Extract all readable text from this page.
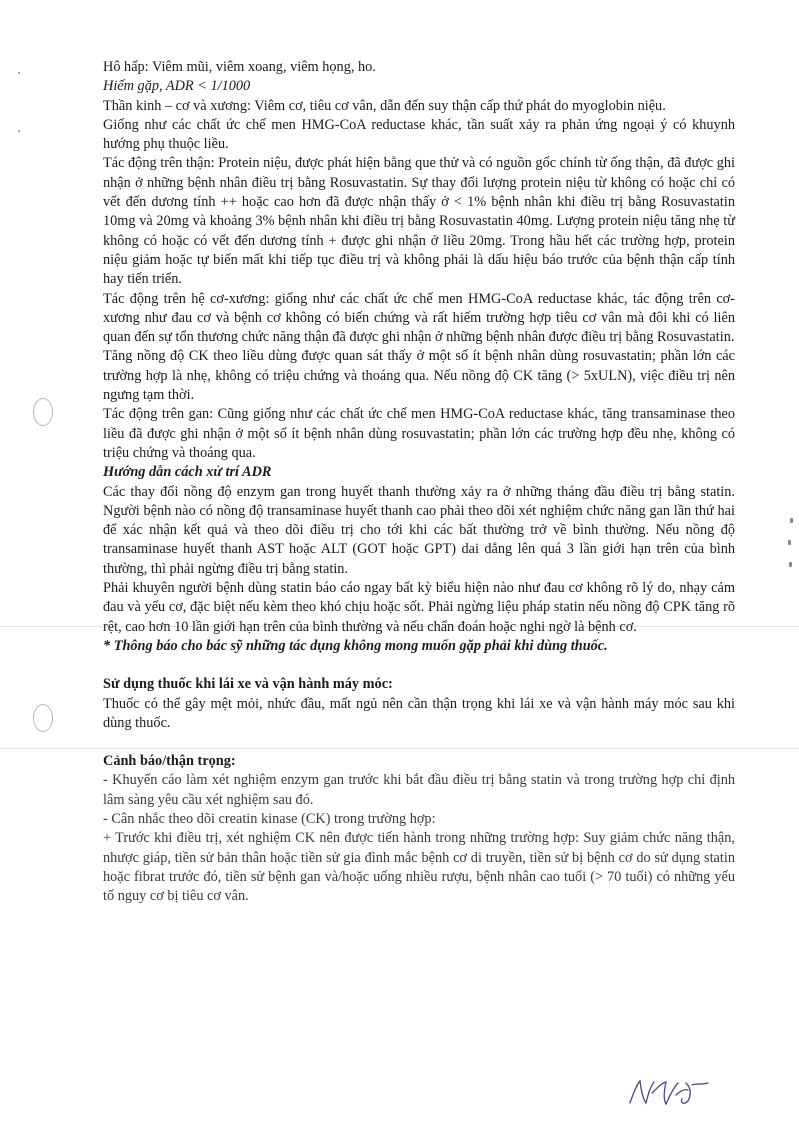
Hô hấp: Viêm mũi, viêm xoang, viêm họng, ho.

Hiếm gặp, ADR < 1/1000

Thần kinh – cơ và xương: Viêm cơ, tiêu cơ vân, dẫn đến suy thận cấp thứ phát do myoglobin niệu.

Giống như các chất ức chế men HMG-CoA reductase khác, tần suất xảy ra phản ứng ngoại ý có khuynh hướng phụ thuộc liều.

Tác động trên thận: Protein niệu, được phát hiện bằng que thử và có nguồn gốc chính từ ống thận, đã được ghi nhận ở những bệnh nhân điều trị bằng Rosuvastatin. Sự thay đổi lượng protein niệu từ không có hoặc chỉ có vết đến dương tính ++ hoặc cao hơn đã được nhận thấy ở < 1% bệnh nhân khi điều trị bằng Rosuvastatin 10mg và 20mg và khoảng 3% bệnh nhân khi điều trị bằng Rosuvastatin 40mg. Lượng protein niệu tăng nhẹ từ không có hoặc có vết đến dương tính + được ghi nhận ở liều 20mg. Trong hầu hết các trường hợp, protein niệu giảm hoặc tự biến mất khi tiếp tục điều trị và không phải là dấu hiệu báo trước của bệnh thận cấp tính hay tiến triển.

Tác động trên hệ cơ-xương: giống như các chất ức chế men HMG-CoA reductase khác, tác động trên cơ-xương như đau cơ và bệnh cơ không có biến chứng và rất hiếm trường hợp tiêu cơ vân mà đôi khi có liên quan đến sự tổn thương chức năng thận đã được ghi nhận ở những bệnh nhân được điều trị bằng Rosuvastatin.

Tăng nồng độ CK theo liều dùng được quan sát thấy ở một số ít bệnh nhân dùng rosuvastatin; phần lớn các trường hợp là nhẹ, không có triệu chứng và thoáng qua. Nếu nồng độ CK tăng (> 5xULN), việc điều trị nên ngưng tạm thời.

Tác động trên gan: Cũng giống như các chất ức chế men HMG-CoA reductase khác, tăng transaminase theo liều đã được ghi nhận ở một số ít bệnh nhân dùng rosuvastatin; phần lớn các trường hợp đều nhẹ, không có triệu chứng và thoáng qua.

Hướng dẫn cách xử trí ADR

Các thay đổi nồng độ enzym gan trong huyết thanh thường xảy ra ở những tháng đầu điều trị bằng statin. Người bệnh nào có nồng độ transaminase huyết thanh cao phải theo dõi xét nghiệm chức năng gan lần thứ hai để xác nhận kết quả và theo dõi điều trị cho tới khi các bất thường trở về bình thường. Nếu nồng độ transaminase huyết thanh AST hoặc ALT (GOT hoặc GPT) dai dẳng lên quá 3 lần giới hạn trên của bình thường, thì phải ngừng điều trị bằng statin.

Phải khuyên người bệnh dùng statin báo cáo ngay bất kỳ biểu hiện nào như đau cơ không rõ lý do, nhạy cảm đau và yếu cơ, đặc biệt nếu kèm theo khó chịu hoặc sốt. Phải ngừng liệu pháp statin nếu nồng độ CPK tăng rõ rệt, cao hơn 10 lần giới hạn trên của bình thường và nếu chẩn đoán hoặc nghi ngờ là bệnh cơ.

* Thông báo cho bác sỹ những tác dụng không mong muốn gặp phải khi dùng thuốc.

Sử dụng thuốc khi lái xe và vận hành máy móc:

Thuốc có thể gây mệt mỏi, nhức đầu, mất ngủ nên cần thận trọng khi lái xe và vận hành máy móc sau khi dùng thuốc.

Cảnh báo/thận trọng:

- Khuyến cáo làm xét nghiệm enzym gan trước khi bắt đầu điều trị bằng statin và trong trường hợp chỉ định lâm sàng yêu cầu xét nghiệm sau đó.

- Cân nhắc theo dõi creatin kinase (CK) trong trường hợp:

+ Trước khi điều trị, xét nghiệm CK nên được tiến hành trong những trường hợp: Suy giảm chức năng thận, nhược giáp, tiền sử bản thân hoặc tiền sử gia đình mắc bệnh cơ di truyền, tiền sử bị bệnh cơ do sử dụng statin hoặc fibrat trước đó, tiền sử bệnh gan và/hoặc uống nhiều rượu, bệnh nhân cao tuổi (> 70 tuổi) có những yếu tố nguy cơ bị tiêu cơ vân.
